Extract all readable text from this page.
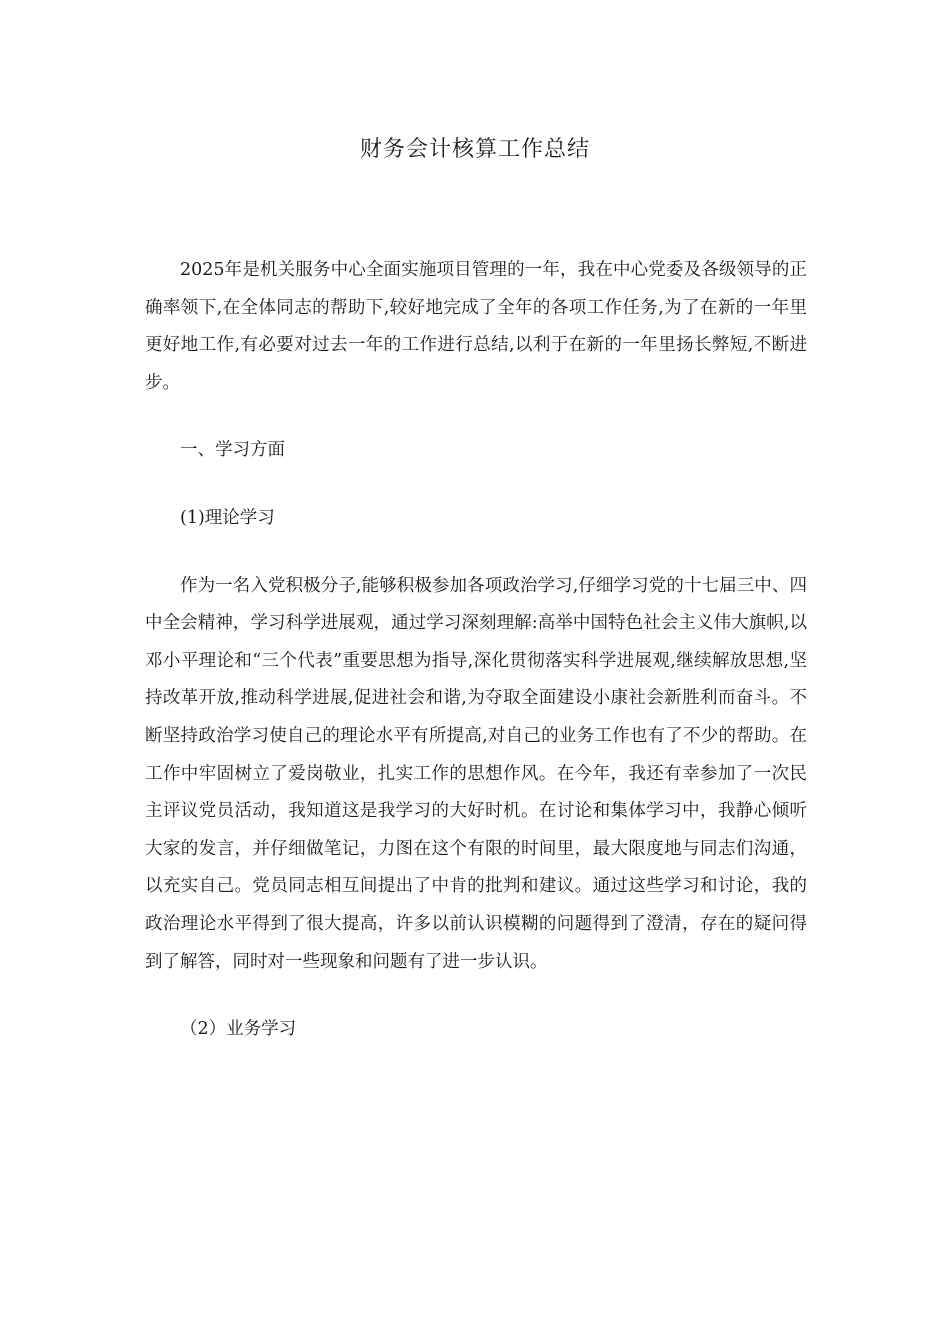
财务会计核算工作总结

2025年是机关服务中心全面实施项目管理的一年，我在中心党委及各级领导的正确率领下,在全体同志的帮助下,较好地完成了全年的各项工作任务,为了在新的一年里更好地工作,有必要对过去一年的工作进行总结,以利于在新的一年里扬长弊短,不断进步。

一、学习方面

(1)理论学习

作为一名入党积极分子,能够积极参加各项政治学习,仔细学习党的十七届三中、四中全会精神，学习科学进展观，通过学习深刻理解:高举中国特色社会主义伟大旗帜,以邓小平理论和“三个代表”重要思想为指导,深化贯彻落实科学进展观,继续解放思想,坚持改革开放,推动科学进展,促进社会和谐,为夺取全面建设小康社会新胜利而奋斗。不断坚持政治学习使自己的理论水平有所提高,对自己的业务工作也有了不少的帮助。在工作中牢固树立了爱岗敬业，扎实工作的思想作风。在今年，我还有幸参加了一次民主评议党员活动，我知道这是我学习的大好时机。在讨论和集体学习中，我静心倾听大家的发言，并仔细做笔记，力图在这个有限的时间里，最大限度地与同志们沟通，以充实自己。党员同志相互间提出了中肯的批判和建议。通过这些学习和讨论，我的政治理论水平得到了很大提高，许多以前认识模糊的问题得到了澄清，存在的疑问得到了解答，同时对一些现象和问题有了进一步认识。

（2）业务学习
